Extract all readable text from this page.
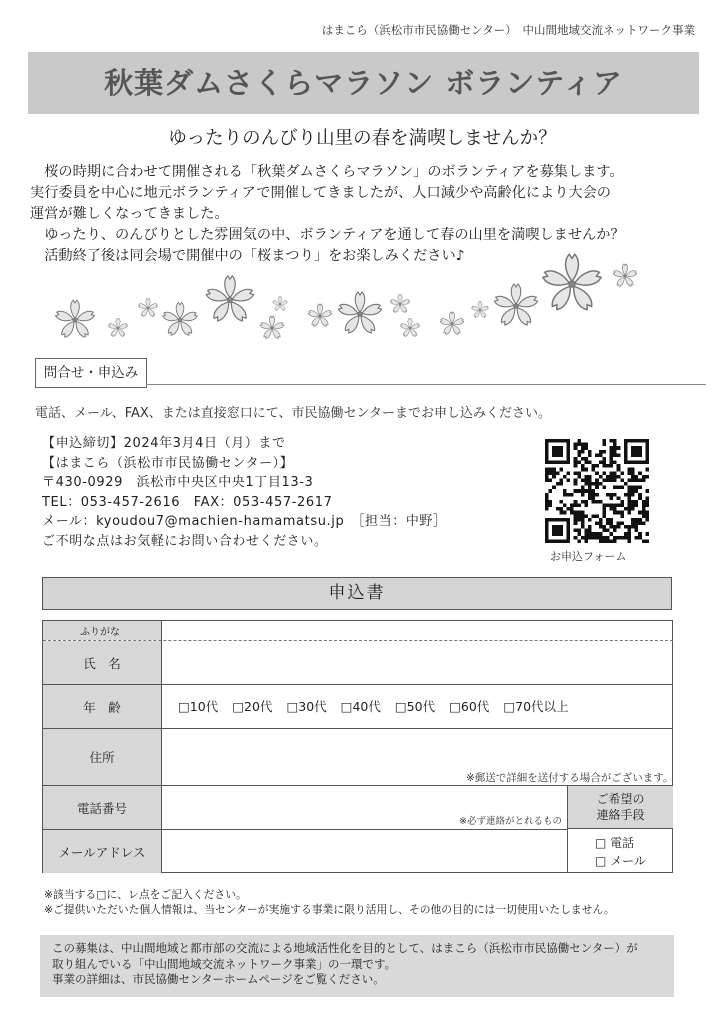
はまこら（浜松市市民協働センター）　中山間地域交流ネットワーク事業
秋葉ダムさくらマラソン ボランティア
ゆったりのんびり山里の春を満喫しませんか？

　桜の時期に合わせて開催される「秋葉ダムさくらマラソン」のボランティアを募集します。

実行委員を中心に地元ボランティアで開催してきましたが、人口減少や高齢化により大会の

運営が難しくなってきました。

　ゆったり、のんびりとした雰囲気の中、ボランティアを通して春の山里を満喫しませんか？

　活動終了後は同会場で開催中の「桜まつり」をお楽しみください♪

問合せ・申込み
電話、メール、FAX、または直接窓口にて、市民協働センターまでお申し込みください。
【申込締切】2024年3月4日（月）まで
【はまこら（浜松市市民協働センター）】
〒430-0929　浜松市中央区中央1丁目13-3
TEL：053-457-2616　FAX：053-457-2617
メール：kyoudou7@machien-hamamatsu.jp　［担当：中野］
ご不明な点はお気軽にお問い合わせください。
お申込フォーム
申込書
ふりがな
氏　名
年　齢	□10代 □20代 □30代 □40代 □50代 □60代 □70代以上
住所
※郵送で詳細を送付する場合がございます。
電話番号
※必ず連絡がとれるもの
メールアドレス
ご希望の
連絡手段
□ 電話
□ メール
※該当する□に、レ点をご記入ください。
※ご提供いただいた個人情報は、当センターが実施する事業に限り活用し、その他の目的には一切使用いたしません。
この募集は、中山間地域と都市部の交流による地域活性化を目的として、はまこら（浜松市市民協働センター）が
取り組んでいる「中山間地域交流ネットワーク事業」の一環です。
事業の詳細は、市民協働センターホームページをご覧ください。
